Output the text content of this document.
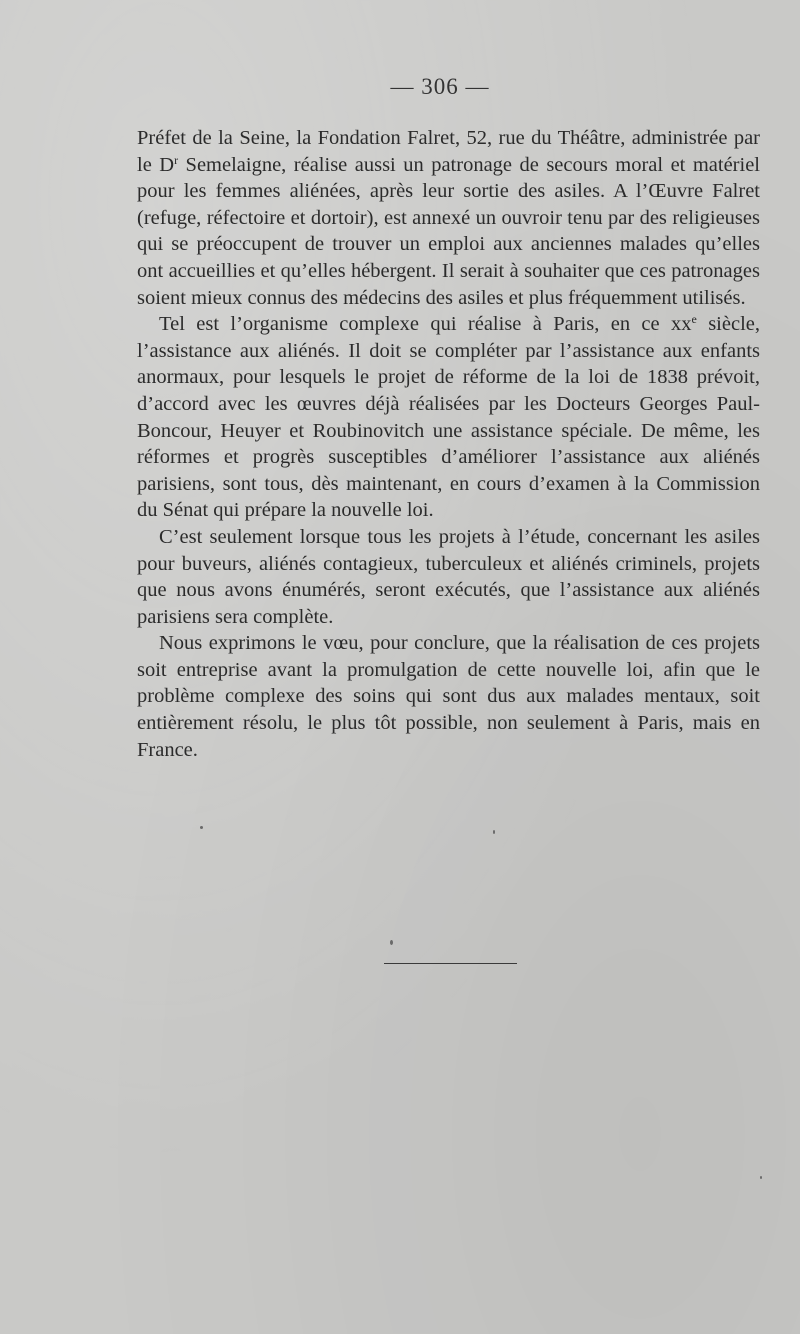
— 306 —

Préfet de la Seine, la Fondation Falret, 52, rue du Théâtre, administrée par le $D^r$ Semelaigne, réalise aussi un patronage de secours moral et matériel pour les femmes aliénées, après leur sortie des asiles. A l’Œuvre Falret (refuge, réfectoire et dortoir), est annexé un ouvroir tenu par des religieuses qui se préoccupent de trouver un emploi aux anciennes malades qu’elles ont accueillies et qu’elles hébergent. Il serait à souhaiter que ces patronages soient mieux connus des médecins des asiles et plus fréquemment utilisés.

Tel est l’organisme complexe qui réalise à Paris, en ce $xx^e$ siècle, l’assistance aux aliénés. Il doit se compléter par l’assistance aux enfants anormaux, pour lesquels le projet de réforme de la loi de 1838 prévoit, d’accord avec les œuvres déjà réalisées par les Docteurs Georges Paul-Boncour, Heuyer et Roubinovitch une assistance spéciale. De même, les réformes et progrès susceptibles d’améliorer l’assistance aux aliénés parisiens, sont tous, dès maintenant, en cours d’examen à la Commission du Sénat qui prépare la nouvelle loi.

C’est seulement lorsque tous les projets à l’étude, concernant les asiles pour buveurs, aliénés contagieux, tuberculeux et aliénés criminels, projets que nous avons énumérés, seront exécutés, que l’assistance aux aliénés parisiens sera complète.

Nous exprimons le vœu, pour conclure, que la réalisation de ces projets soit entreprise avant la promulgation de cette nouvelle loi, afin que le problème complexe des soins qui sont dus aux malades mentaux, soit entièrement résolu, le plus tôt possible, non seulement à Paris, mais en France.
